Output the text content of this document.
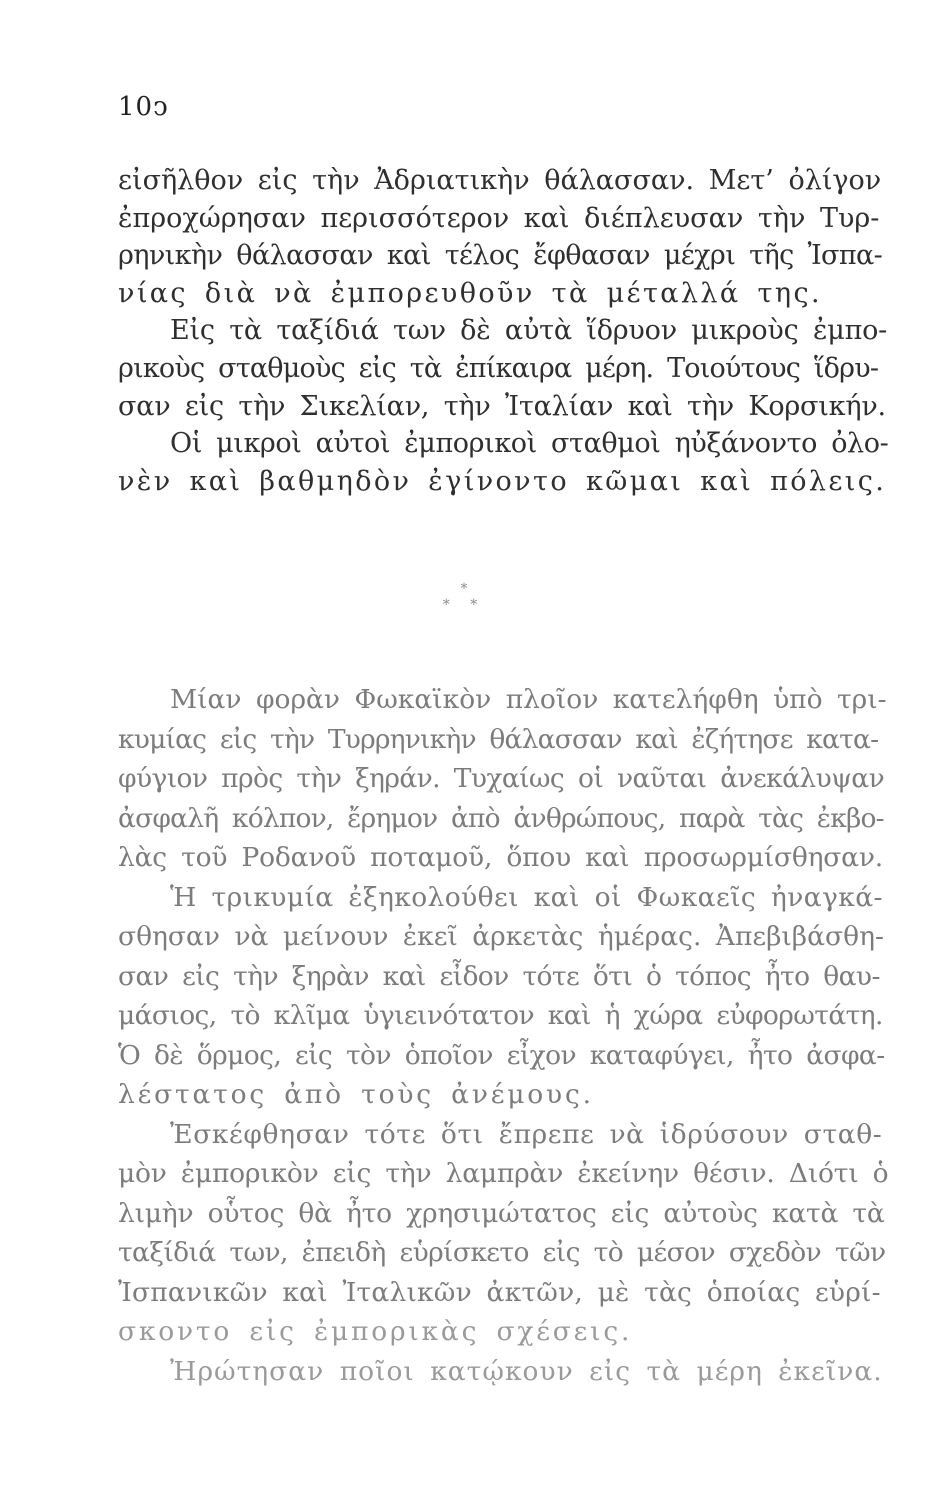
10ↄ
εἰσῆλθον εἰς τὴν Ἀδριατικὴν θάλασσαν. Μετ’ ὀλίγον
ἐπροχώρησαν περισσότερον καὶ διέπλευσαν τὴν Τυρ-
ρηνικὴν θάλασσαν καὶ τέλος ἔφθασαν μέχρι τῆς Ἰσπα-
νίας διὰ νὰ ἐμπορευθοῦν τὰ μέταλλά της.
Εἰς τὰ ταξίδιά των δὲ αὐτὰ ἵδρυον μικροὺς ἐμπο-
ρικοὺς σταθμοὺς εἰς τὰ ἐπίκαιρα μέρη. Τοιούτους ἵδρυ-
σαν εἰς τὴν Σικελίαν, τὴν Ἰταλίαν καὶ τὴν Κορσικήν.
Οἱ μικροὶ αὐτοὶ ἐμπορικοὶ σταθμοὶ ηὐξάνοντο ὀλο-
νὲν καὶ βαθμηδὸν ἐγίνοντο κῶμαι καὶ πόλεις.
*
* *
Μίαν φορὰν Φωκαϊκὸν πλοῖον κατελήφθη ὑπὸ τρι-
κυμίας εἰς τὴν Τυρρηνικὴν θάλασσαν καὶ ἐζήτησε κατα-
φύγιον πρὸς τὴν ξηράν. Τυχαίως οἱ ναῦται ἀνεκάλυψαν
ἀσφαλῆ κόλπον, ἔρημον ἀπὸ ἀνθρώπους, παρὰ τὰς ἐκβο-
λὰς τοῦ Ροδανοῦ ποταμοῦ, ὅπου καὶ προσωρμίσθησαν.
Ἡ τρικυμία ἐξηκολούθει καὶ οἱ Φωκαεῖς ἠναγκά-
σθησαν νὰ μείνουν ἐκεῖ ἀρκετὰς ἡμέρας. Ἀπεβιβάσθη-
σαν εἰς τὴν ξηρὰν καὶ εἶδον τότε ὅτι ὁ τόπος ἦτο θαυ-
μάσιος, τὸ κλῖμα ὑγιεινότατον καὶ ἡ χώρα εὐφορωτάτη.
Ὁ δὲ ὅρμος, εἰς τὸν ὁποῖον εἶχον καταφύγει, ἦτο ἀσφα-
λέστατος ἀπὸ τοὺς ἀνέμους.
Ἐσκέφθησαν τότε ὅτι ἔπρεπε νὰ ἱδρύσουν σταθ-
μὸν ἐμπορικὸν εἰς τὴν λαμπρὰν ἐκείνην θέσιν. Διότι ὁ
λιμὴν οὗτος θὰ ἦτο χρησιμώτατος εἰς αὐτοὺς κατὰ τὰ
ταξίδιά των, ἐπειδὴ εὑρίσκετο εἰς τὸ μέσον σχεδὸν τῶν
Ἰσπανικῶν καὶ Ἰταλικῶν ἀκτῶν, μὲ τὰς ὁποίας εὑρί-
σκοντο εἰς ἐμπορικὰς σχέσεις.
Ἠρώτησαν ποῖοι κατῴκουν εἰς τὰ μέρη ἐκεῖνα.
